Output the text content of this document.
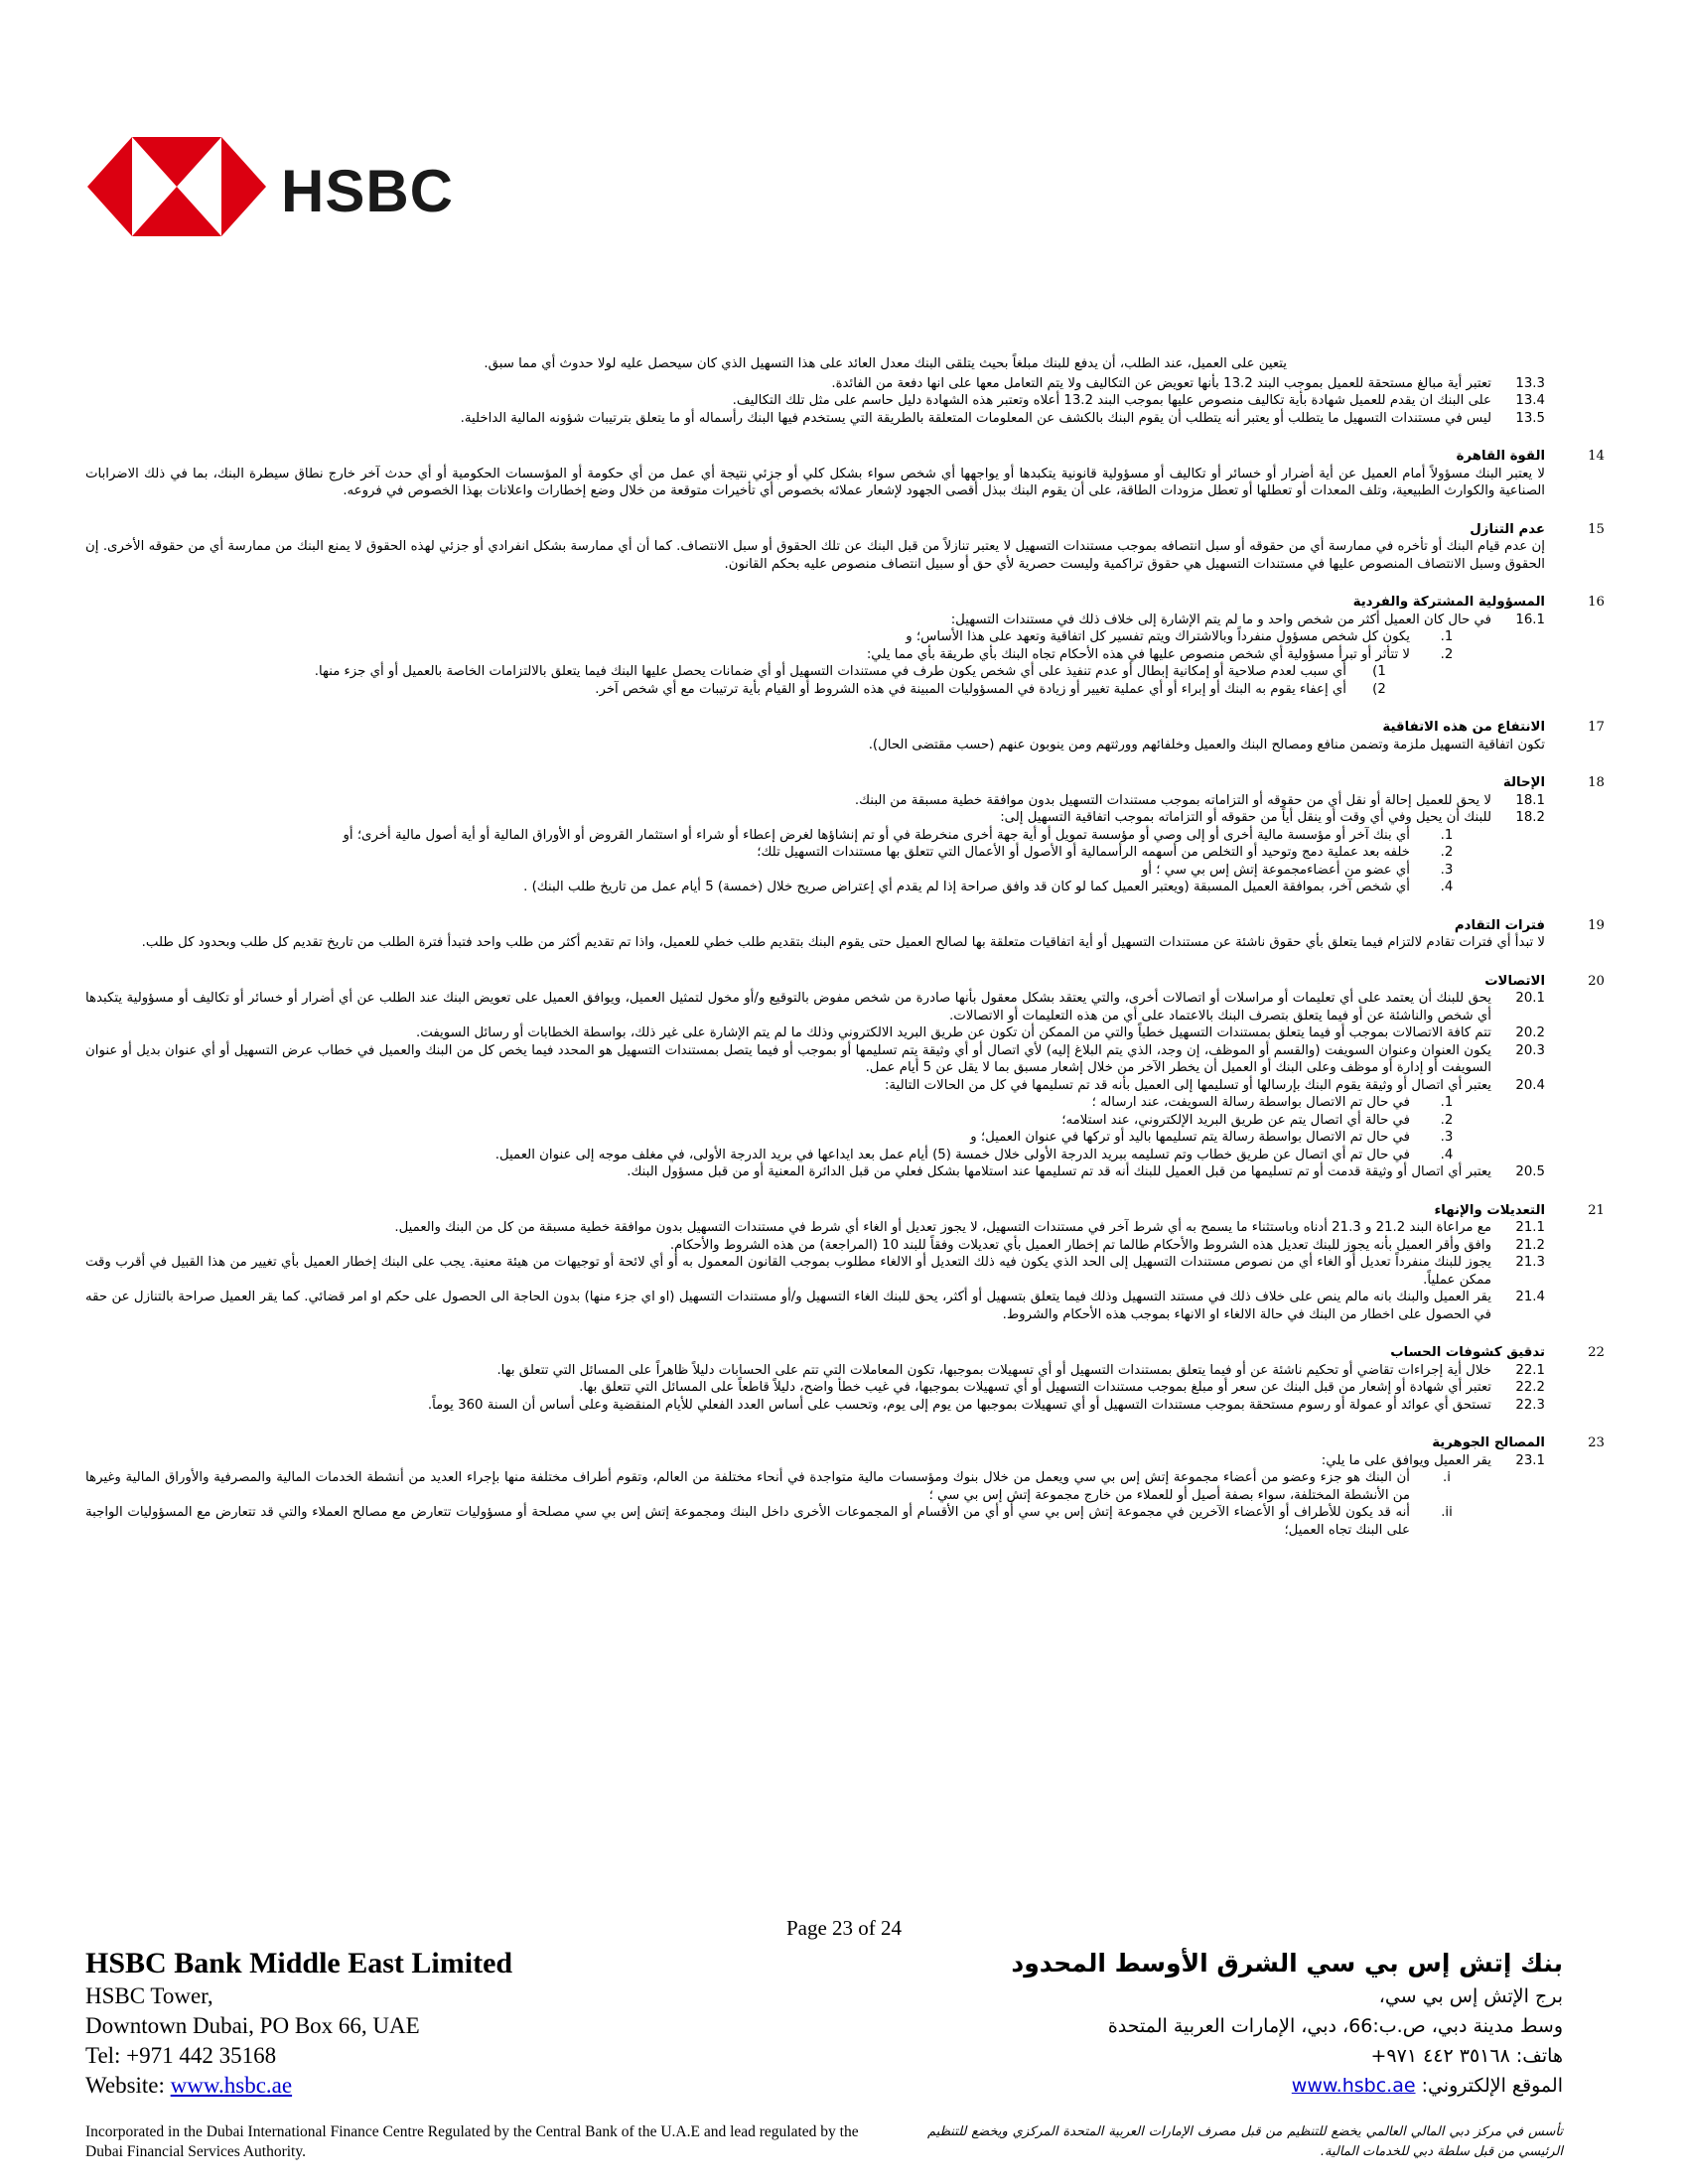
HSBC
يتعين على العميل، عند الطلب، أن يدفع للبنك مبلغاً بحيث يتلقى البنك معدل العائد على هذا التسهيل الذي كان سيحصل عليه لولا حدوث أي مما سبق.
13.3
تعتبر أية مبالغ مستحقة للعميل بموجب البند 13.2 بأنها تعويض عن التكاليف ولا يتم التعامل معها على انها دفعة من الفائدة.
13.4
على البنك ان يقدم للعميل شهادة بأية تكاليف منصوص عليها بموجب البند 13.2 أعلاه وتعتبر هذه الشهادة دليل حاسم على مثل تلك التكاليف.
13.5
ليس في مستندات التسهيل ما يتطلب أو يعتبر أنه يتطلب أن يقوم البنك بالكشف عن المعلومات المتعلقة بالطريقة التي يستخدم فيها البنك رأسماله أو ما يتعلق بترتيبات شؤونه المالية الداخلية.
14
القوة القاهرة
لا يعتبر البنك مسؤولاً أمام العميل عن أية أضرار أو خسائر أو تكاليف أو مسؤولية قانونية يتكبدها أو يواجهها أي شخص سواء بشكل كلي أو جزئي نتيجة أي عمل من أي حكومة أو المؤسسات الحكومية أو أي حدث آخر خارج نطاق سيطرة البنك، بما في ذلك الاضرابات الصناعية والكوارث الطبيعية، وتلف المعدات أو تعطلها أو تعطل مزودات الطاقة، على أن يقوم البنك ببذل أقصى الجهود لإشعار عملائه بخصوص أي تأخيرات متوقعة من خلال وضع إخطارات واعلانات بهذا الخصوص في فروعه.
15
عدم التنازل
إن عدم قيام البنك أو تأخره في ممارسة أي من حقوقه أو سبل انتصافه بموجب مستندات التسهيل لا يعتبر تنازلاً من قبل البنك عن تلك الحقوق أو سبل الانتصاف. كما أن أي ممارسة بشكل انفرادي أو جزئي لهذه الحقوق لا يمنع البنك من ممارسة أي من حقوقه الأخرى. إن الحقوق وسبل الانتصاف المنصوص عليها في مستندات التسهيل هي حقوق تراكمية وليست حصرية لأي حق أو سبيل انتصاف منصوص عليه بحكم القانون.
16
المسؤولية المشتركة والفردية
16.1
في حال كان العميل أكثر من شخص واحد و ما لم يتم الإشارة إلى خلاف ذلك في مستندات التسهيل:
.1
يكون كل شخص مسؤول منفرداً وبالاشتراك ويتم تفسير كل اتفاقية وتعهد على هذا الأساس؛ و
.2
لا تتأثر أو تبرأ مسؤولية أي شخص منصوص عليها في هذه الأحكام تجاه البنك بأي طريقة بأي مما يلي:
(1
أي سبب لعدم صلاحية أو إمكانية إبطال أو عدم تنفيذ على أي شخص يكون طرف في مستندات التسهيل أو أي ضمانات يحصل عليها البنك فيما يتعلق بالالتزامات الخاصة بالعميل أو أي جزء منها.
(2
أي إعفاء يقوم به البنك أو إبراء أو أي عملية تغيير أو زيادة في المسؤوليات المبينة في هذه الشروط أو القيام بأية ترتيبات مع أي شخص آخر.
17
الانتفاع من هذه الاتفاقية
تكون اتفاقية التسهيل ملزمة وتضمن منافع ومصالح البنك والعميل وخلفائهم وورثتهم ومن ينوبون عنهم (حسب مقتضى الحال).
18
الإحالة
18.1
لا يحق للعميل إحالة أو نقل أي من حقوقه أو التزاماته بموجب مستندات التسهيل بدون موافقة خطية مسبقة من البنك.
18.2
للبنك أن يحيل وفي أي وقت أو ينقل أياً من حقوقه أو التزاماته بموجب اتفاقية التسهيل إلى:
.1
أي بنك آخر أو مؤسسة مالية أخرى أو إلى وصي أو مؤسسة تمويل أو أية جهة أخرى منخرطة في أو تم إنشاؤها لغرض إعطاء أو شراء أو استثمار القروض أو الأوراق المالية أو أية أصول مالية أخرى؛ أو
.2
خلفه بعد عملية دمج وتوحيد أو التخلص من أسهمه الرأسمالية أو الأصول أو الأعمال التي تتعلق بها مستندات التسهيل تلك؛
.3
أي عضو من أعضاءمجموعة إتش إس بي سي ؛ أو
.4
أي شخص آخر، بموافقة العميل المسبقة (ويعتبر العميل كما لو كان قد وافق صراحة إذا لم يقدم أي إعتراض صريح خلال (خمسة) 5 أيام عمل من تاريخ طلب البنك) .
19
فترات التقادم
لا تبدأ أي فترات تقادم لالتزام فيما يتعلق بأي حقوق ناشئة عن مستندات التسهيل أو أية اتفاقيات متعلقة بها لصالح العميل حتى يقوم البنك بتقديم طلب خطي للعميل، واذا تم تقديم أكثر من طلب واحد فتبدأ فترة الطلب من تاريخ تقديم كل طلب وبحدود كل طلب.
20
الاتصالات
20.1
يحق للبنك أن يعتمد على أي تعليمات أو مراسلات أو اتصالات أخرى، والتي يعتقد بشكل معقول بأنها صادرة من شخص مفوض بالتوقيع و/أو مخول لتمثيل العميل، ويوافق العميل على تعويض البنك عند الطلب عن أي أضرار أو خسائر أو تكاليف أو مسؤولية يتكبدها أي شخص والناشئة عن أو فيما يتعلق بتصرف البنك بالاعتماد على أي من هذه التعليمات أو الاتصالات.
20.2
تتم كافة الاتصالات بموجب أو فيما يتعلق بمستندات التسهيل خطياً والتي من الممكن أن تكون عن طريق البريد الالكتروني وذلك ما لم يتم الإشارة على غير ذلك، بواسطة الخطابات أو رسائل السويفت.
20.3
يكون العنوان وعنوان السويفت (والقسم أو الموظف، إن وجد، الذي يتم البلاغ إليه) لأي اتصال أو أي وثيقة يتم تسليمها أو بموجب أو فيما يتصل بمستندات التسهيل هو المحدد فيما يخص كل من البنك والعميل في خطاب عرض التسهيل أو أي عنوان بديل أو عنوان السويفت أو إدارة أو موظف وعلى البنك أو العميل أن يخطر الآخر من خلال إشعار مسبق بما لا يقل عن 5 أيام عمل.
20.4
يعتبر أي اتصال أو وثيقة يقوم البنك بإرسالها أو تسليمها إلى العميل بأنه قد تم تسليمها في كل من الحالات التالية:
.1
في حال تم الاتصال بواسطة رسالة السويفت، عند ارساله ؛
.2
في حالة أي اتصال يتم عن طريق البريد الإلكتروني، عند استلامه؛
.3
في حال تم الاتصال بواسطة رسالة يتم تسليمها باليد أو تركها في عنوان العميل؛ و
.4
في حال تم أي اتصال عن طريق خطاب وتم تسليمه ببريد الدرجة الأولى خلال خمسة (5) أيام عمل بعد ايداعها في بريد الدرجة الأولى، في مغلف موجه إلى عنوان العميل.
20.5
يعتبر أي اتصال أو وثيقة قدمت أو تم تسليمها من قبل العميل للبنك أنه قد تم تسليمها عند استلامها بشكل فعلي من قبل الدائرة المعنية أو من قبل مسؤول البنك.
21
التعديلات والإنهاء
21.1
مع مراعاة البند 21.2 و 21.3 أدناه وباستثناء ما يسمح به أي شرط آخر في مستندات التسهيل، لا يجوز تعديل أو الغاء أي شرط في مستندات التسهيل بدون موافقة خطية مسبقة من كل من البنك والعميل.
21.2
وافق وأقر العميل بأنه يجوز للبنك تعديل هذه الشروط والأحكام طالما تم إخطار العميل بأي تعديلات وفقاً للبند 10 (المراجعة) من هذه الشروط والأحكام.
21.3
يجوز للبنك منفرداً تعديل أو الغاء أي من نصوص مستندات التسهيل إلى الحد الذي يكون فيه ذلك التعديل أو الالغاء مطلوب بموجب القانون المعمول به أو أي لائحة أو توجيهات من هيئة معنية. يجب على البنك إخطار العميل بأي تغيير من هذا القبيل في أقرب وقت ممكن عملياً.
21.4
يقر العميل والبنك بانه مالم ينص على خلاف ذلك في مستند التسهيل وذلك فيما يتعلق بتسهيل أو أكثر، يحق للبنك الغاء التسهيل و/أو مستندات التسهيل (او اي جزء منها) بدون الحاجة الى الحصول على حكم او امر قضائي. كما يقر العميل صراحة بالتنازل عن حقه في الحصول على اخطار من البنك في حالة الالغاء او الانهاء بموجب هذه الأحكام والشروط.
22
تدقيق كشوفات الحساب
22.1
خلال أية إجراءات تقاضي أو تحكيم ناشئة عن أو فيما يتعلق بمستندات التسهيل أو أي تسهيلات بموجبها، تكون المعاملات التي تتم على الحسابات دليلاً ظاهراً على المسائل التي تتعلق بها.
22.2
تعتبر أي شهادة أو إشعار من قبل البنك عن سعر أو مبلغ بموجب مستندات التسهيل أو أي تسهيلات بموجبها، في غيب خطأ واضح، دليلاً قاطعاً على المسائل التي تتعلق بها.
22.3
تستحق أي عوائد أو عمولة أو رسوم مستحقة بموجب مستندات التسهيل أو أي تسهيلات بموجبها من يوم إلى يوم، وتحسب على أساس العدد الفعلي للأيام المنقضية وعلى أساس أن السنة 360 يوماً.
23
المصالح الجوهرية
23.1
يقر العميل ويوافق على ما يلي:
.i
أن البنك هو جزء وعضو من أعضاء مجموعة إتش إس بي سي ويعمل من خلال بنوك ومؤسسات مالية متواجدة في أنحاء مختلفة من العالم، وتقوم أطراف مختلفة منها بإجراء العديد من أنشطة الخدمات المالية والمصرفية والأوراق المالية وغيرها من الأنشطة المختلفة، سواء بصفة أصيل أو للعملاء من خارج مجموعة إتش إس بي سي ؛
.ii
أنه قد يكون للأطراف أو الأعضاء الآخرين في مجموعة إتش إس بي سي أو أي من الأقسام أو المجموعات الأخرى داخل البنك ومجموعة إتش إس بي سي مصلحة أو مسؤوليات تتعارض مع مصالح العملاء والتي قد تتعارض مع المسؤوليات الواجبة على البنك تجاه العميل؛
Page 23 of 24
HSBC Bank Middle East Limited
HSBC Tower,
Downtown Dubai, PO Box 66, UAE
Tel: +971 442 35168
Website: www.hsbc.ae
بنك إتش إس بي سي الشرق الأوسط المحدود
برج الإتش إس بي سي،
وسط مدينة دبي، ص.ب:66، دبي، الإمارات العربية المتحدة
هاتف: ٣٥١٦٨ ٤٤٢ ٩٧١+
الموقع الإلكتروني: www.hsbc.ae
Incorporated in the Dubai International Finance Centre Regulated by the Central Bank of the U.A.E and lead regulated by the Dubai Financial Services Authority.
تأسس في مركز دبي المالي العالمي يخضع للتنظيم من قبل مصرف الإمارات العربية المتحدة المركزي ويخضع للتنظيم الرئيسي من قبل سلطة دبي للخدمات المالية.
